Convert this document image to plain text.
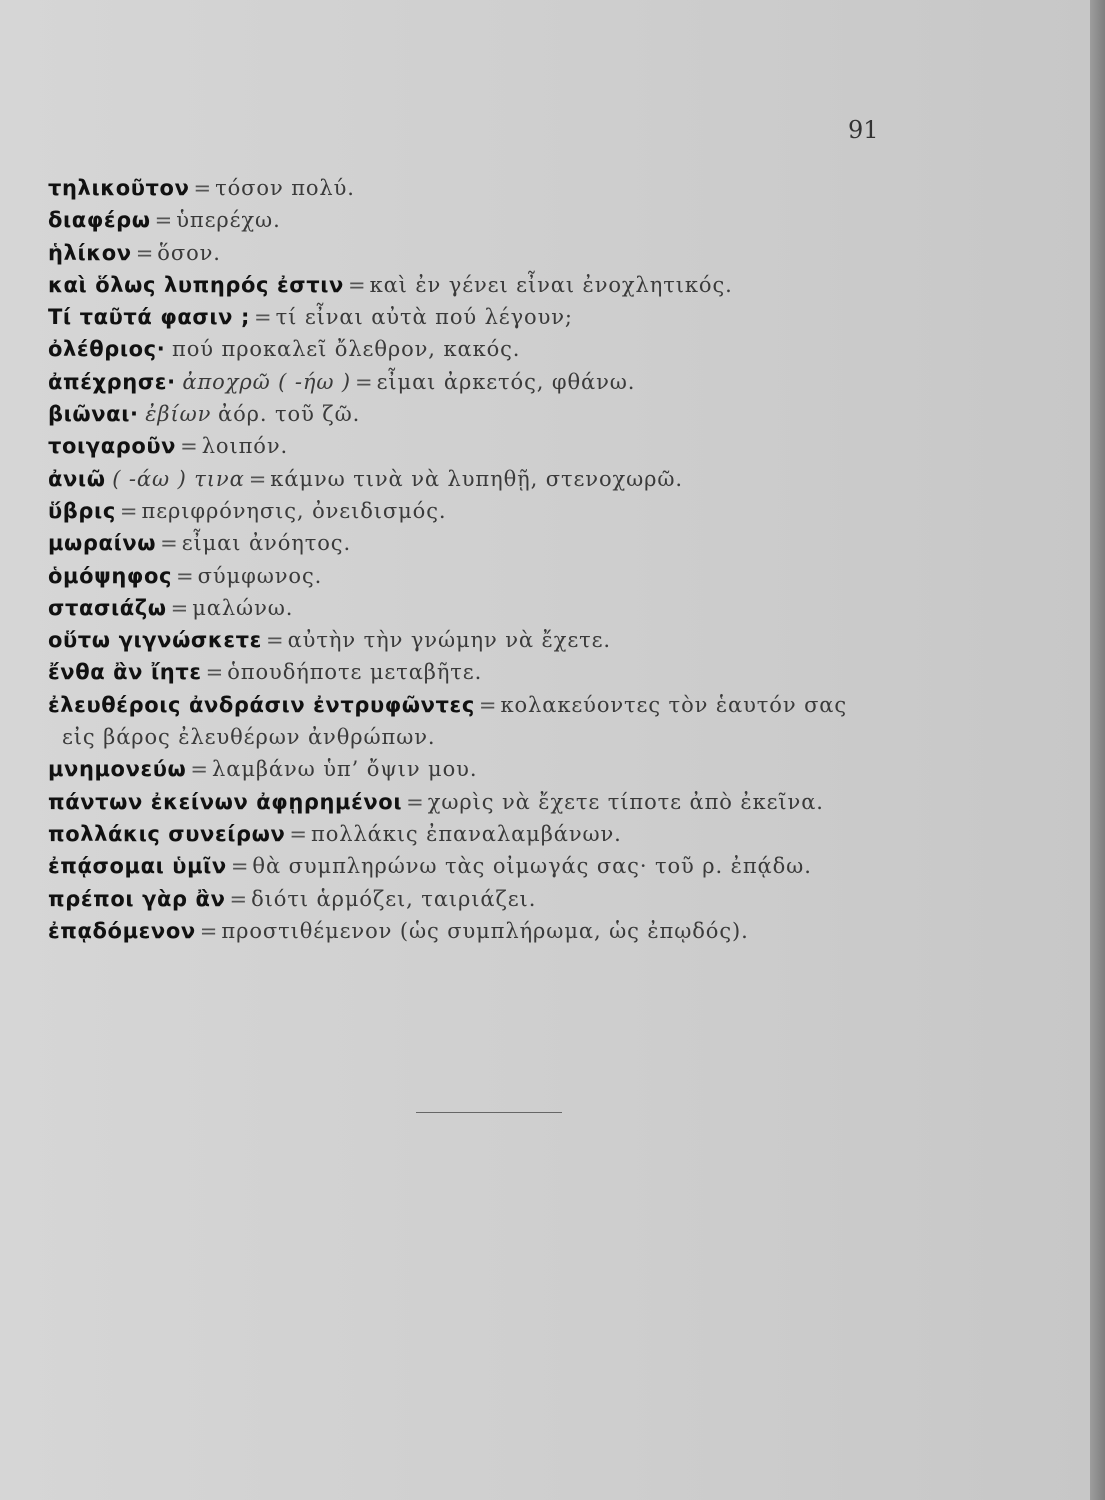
91
τηλικοῦτον = τόσον πολύ.
διαφέρω = ὑπερέχω.
ἡλίκον = ὅσον.
καὶ ὅλως λυπηρός ἐστιν = καὶ ἐν γένει εἶναι ἐνοχλητικός.
Τί ταῦτά φασιν ; = τί εἶναι αὐτὰ πού λέγουν;
ὀλέθριος· πού προκαλεῖ ὄλεθρον, κακός.
ἀπέχρησε· ἀποχρῶ ( -ήω ) = εἶμαι ἀρκετός, φθάνω.
βιῶναι· ἐβίων ἀόρ. τοῦ ζῶ.
τοιγαροῦν = λοιπόν.
ἀνιῶ ( -άω ) τινα = κάμνω τινὰ νὰ λυπηθῇ, στενοχωρῶ.
ὕβρις = περιφρόνησις, ὀνειδισμός.
μωραίνω = εἶμαι ἀνόητος.
ὁμόψηφος = σύμφωνος.
στασιάζω = μαλώνω.
οὕτω γιγνώσκετε = αὐτὴν τὴν γνώμην νὰ ἔχετε.
ἔνθα ἂν ἴητε = ὁπουδήποτε μεταβῆτε.
ἐλευθέροις ἀνδράσιν ἐντρυφῶντες = κολακεύοντες τὸν ἑαυτόν σας
εἰς βάρος ἐλευθέρων ἀνθρώπων.
μνημονεύω = λαμβάνω ὑπ’ ὄψιν μου.
πάντων ἐκείνων ἀφῃρημένοι = χωρὶς νὰ ἔχετε τίποτε ἀπὸ ἐκεῖνα.
πολλάκις συνείρων = πολλάκις ἐπαναλαμβάνων.
ἐπᾴσομαι ὑμῖν = θὰ συμπληρώνω τὰς οἰμωγάς σας· τοῦ ρ. ἐπᾴδω.
πρέποι γὰρ ἂν = διότι ἁρμόζει, ταιριάζει.
ἐπᾳδόμενον = προστιθέμενον (ὡς συμπλήρωμα, ὡς ἐπῳδός).
